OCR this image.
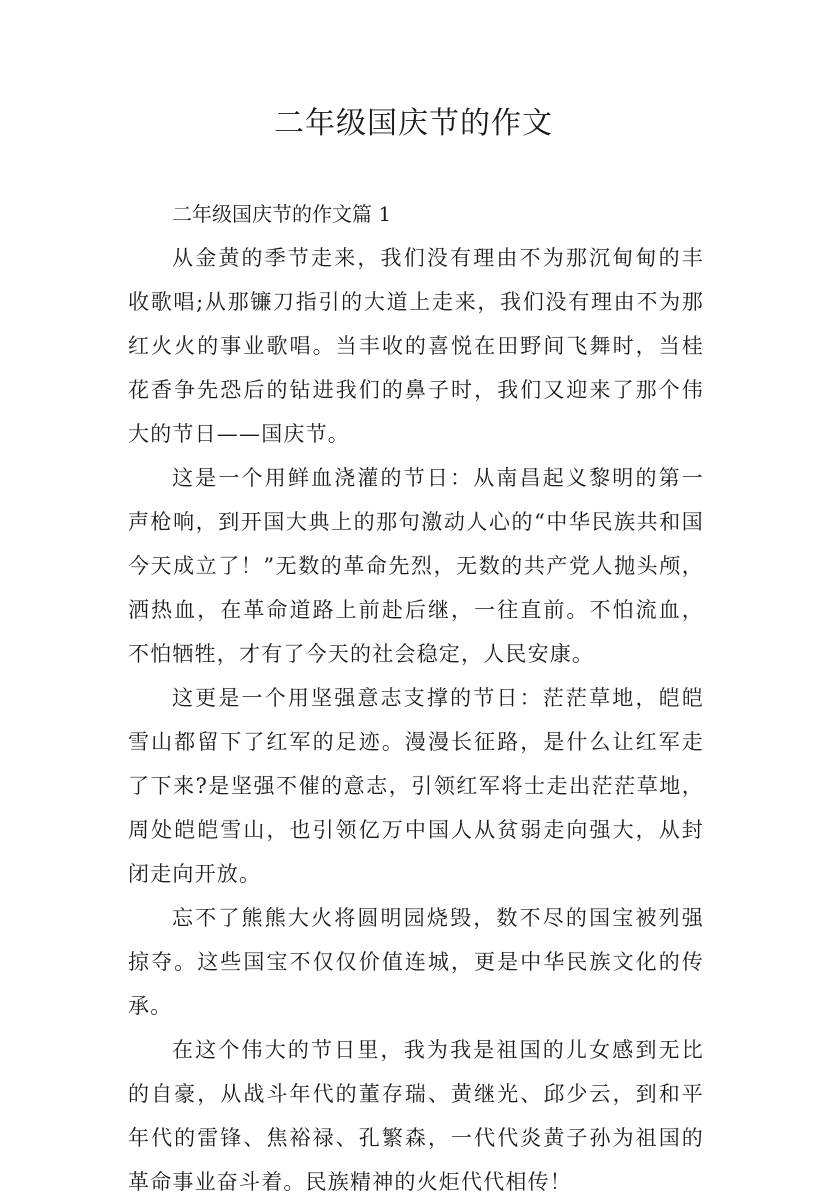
二年级国庆节的作文

二年级国庆节的作文篇 1

从金黄的季节走来，我们没有理由不为那沉甸甸的丰收歌唱;从那镰刀指引的大道上走来，我们没有理由不为那红火火的事业歌唱。当丰收的喜悦在田野间飞舞时，当桂花香争先恐后的钻进我们的鼻子时，我们又迎来了那个伟大的节日——国庆节。

这是一个用鲜血浇灌的节日：从南昌起义黎明的第一声枪响，到开国大典上的那句激动人心的“中华民族共和国今天成立了！”无数的革命先烈，无数的共产党人抛头颅，洒热血，在革命道路上前赴后继，一往直前。不怕流血，不怕牺牲，才有了今天的社会稳定，人民安康。

这更是一个用坚强意志支撑的节日：茫茫草地，皑皑雪山都留下了红军的足迹。漫漫长征路，是什么让红军走了下来?是坚强不催的意志，引领红军将士走出茫茫草地，周处皑皑雪山，也引领亿万中国人从贫弱走向强大，从封闭走向开放。

忘不了熊熊大火将圆明园烧毁，数不尽的国宝被列强掠夺。这些国宝不仅仅价值连城，更是中华民族文化的传承。

在这个伟大的节日里，我为我是祖国的儿女感到无比的自豪，从战斗年代的董存瑞、黄继光、邱少云，到和平年代的雷锋、焦裕禄、孔繁森，一代代炎黄子孙为祖国的革命事业奋斗着。民族精神的火炬代代相传！
